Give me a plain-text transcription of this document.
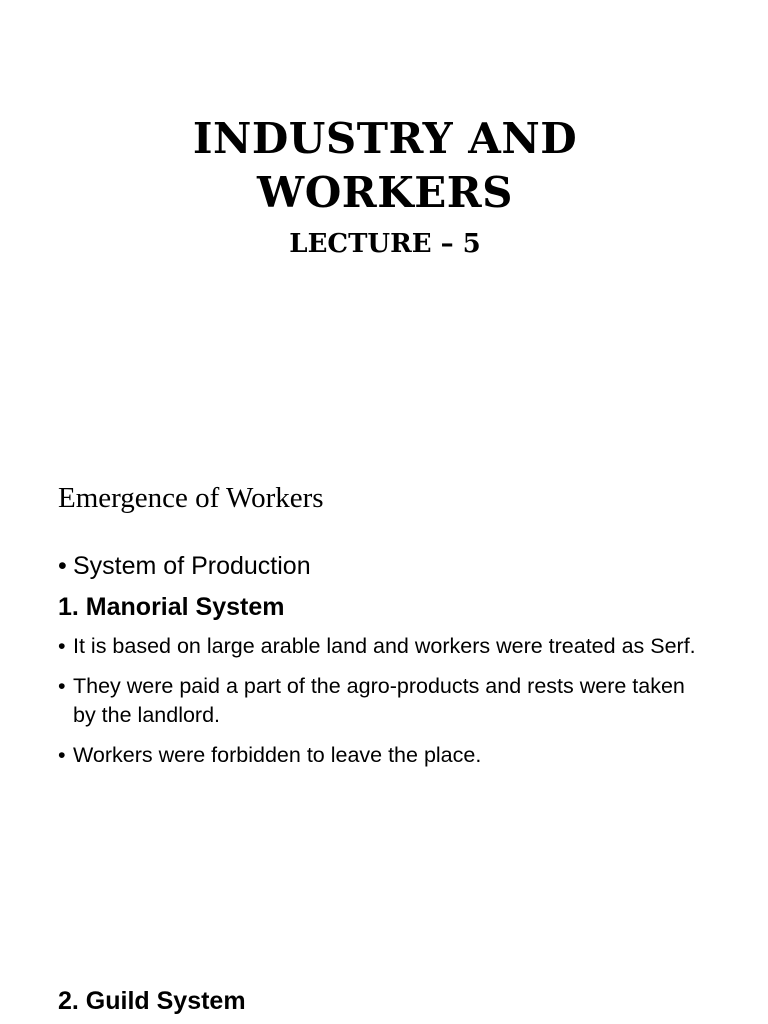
INDUSTRY AND
WORKERS
LECTURE – 5
Emergence of Workers

• System of Production

1. Manorial System

• It is based on large arable land and workers were treated as Serf.

• They were paid a part of the agro-products and rests were taken by the landlord.

• Workers were forbidden to leave the place.

2. Guild System
